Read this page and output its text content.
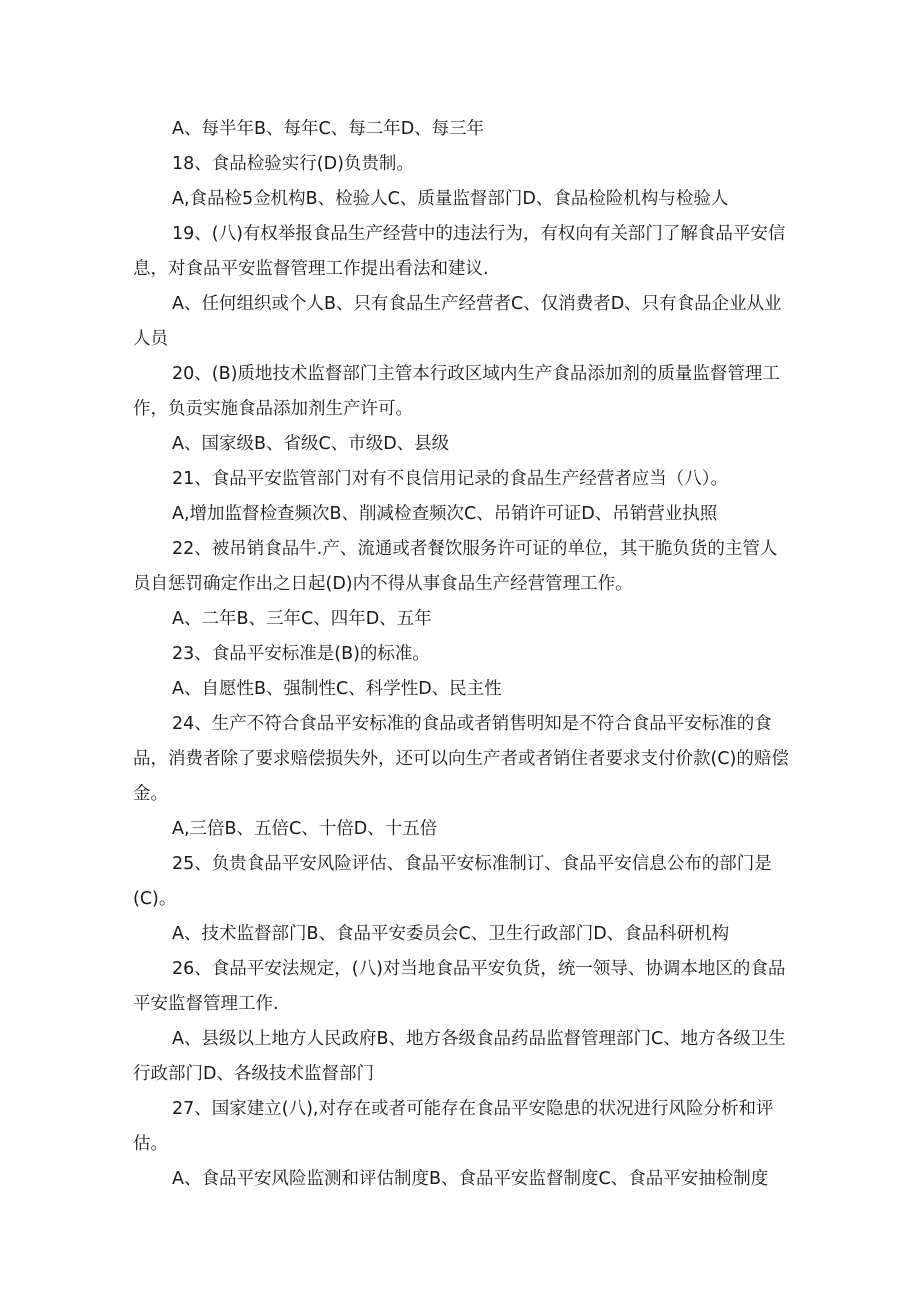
A、每半年B、每年C、每二年D、每三年

18、食品检验实行(D)负贵制。

A,食品检5佥机构B、检验人C、质量监督部门D、食品检险机构与检验人

19、(八)有权举报食品生产经营中的违法行为，有权向有关部门了解食品平安信息，对食品平安监督管理工作提出看法和建议.

A、任何组织或个人B、只有食品生产经营者C、仅消费者D、只有食品企业从业人员

20、(B)质地技术监督部门主管本行政区域内生产食品添加剂的质量监督管理工作，负贡实施食品添加剂生产许可。

A、国家级B、省级C、市级D、县级

21、食品平安监管部门对有不良信用记录的食品生产经营者应当（八）。

A,增加监督检查频次B、削减检查频次C、吊销许可证D、吊销营业执照

22、被吊销食品牛.产、流通或者餐饮服务许可证的单位，其干脆负货的主管人员自惩罚确定作出之日起(D)内不得从事食品生产经营管理工作。

A、二年B、三年C、四年D、五年

23、食品平安标准是(B)的标准。

A、自愿性B、强制性C、科学性D、民主性

24、生产不符合食品平安标准的食品或者销售明知是不符合食品平安标准的食品，消费者除了要求赔偿损失外，还可以向生产者或者销住者要求支付价款(C)的赔偿金。

A,三倍B、五倍C、十倍D、十五倍

25、负贵食品平安风险评估、食品平安标准制订、食品平安信息公布的部门是(C)。

A、技术监督部门B、食品平安委员会C、卫生行政部门D、食品科研机构

26、食品平安法规定，(八)对当地食品平安负货，统一领导、协调本地区的食品平安监督管理工作.

A、县级以上地方人民政府B、地方各级食品药品监督管理部门C、地方各级卫生行政部门D、各级技术监督部门

27、国家建立(八),对存在或者可能存在食品平安隐患的状况进行风险分析和评估。

A、食品平安风险监测和评估制度B、食品平安监督制度C、食品平安抽检制度
